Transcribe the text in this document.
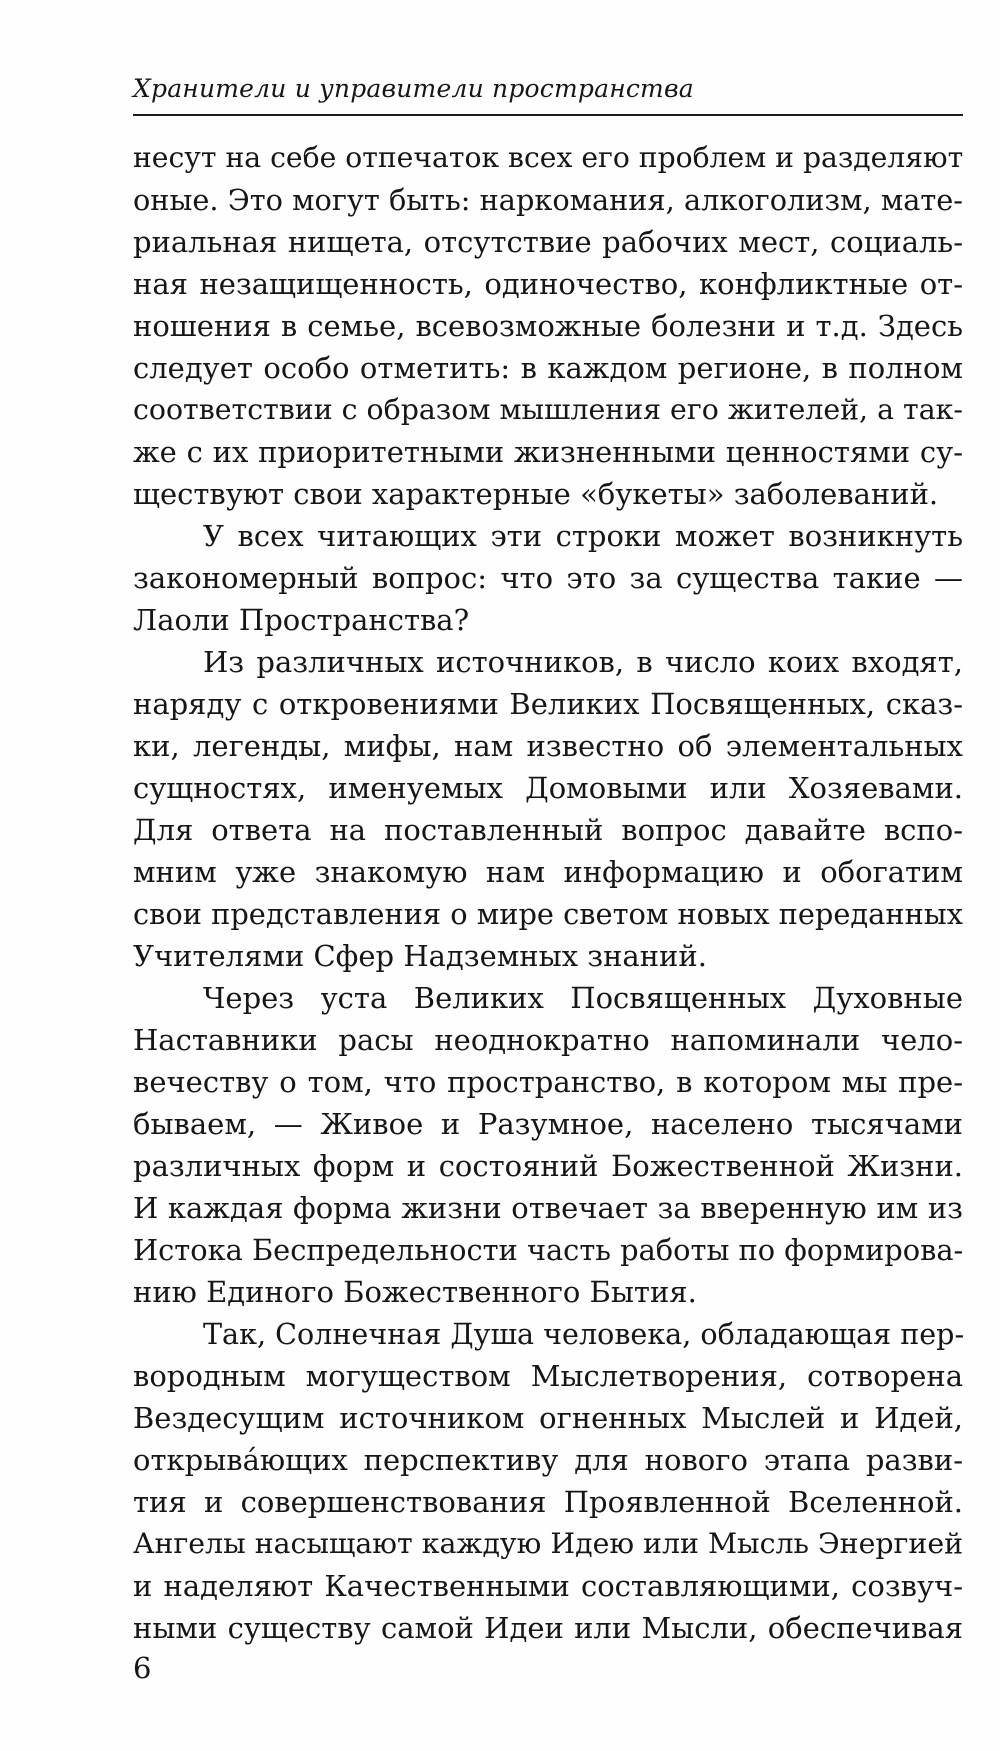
Хранители и управители пространства

несут на себе отпечаток всех его проблем и разделяют
оные. Это могут быть: наркомания, алкоголизм, мате-
риальная нищета, отсутствие рабочих мест, социаль-
ная незащищенность, одиночество, конфликтные от-
ношения в семье, всевозможные болезни и т.д. Здесь
следует особо отметить: в каждом регионе, в полном
соответствии с образом мышления его жителей, а так-
же с их приоритетными жизненными ценностями су-
ществуют свои характерные «букеты» заболеваний.

У всех читающих эти строки может возникнуть
закономерный вопрос: что это за существа такие —
Лаоли Пространства?

Из различных источников, в число коих входят,
наряду с откровениями Великих Посвященных, сказ-
ки, легенды, мифы, нам известно об элементальных
сущностях, именуемых Домовыми или Хозяевами.
Для ответа на поставленный вопрос давайте вспо-
мним уже знакомую нам информацию и обогатим
свои представления о мире светом новых переданных
Учителями Сфер Надземных знаний.

Через уста Великих Посвященных Духовные
Наставники расы неоднократно напоминали чело-
вечеству о том, что пространство, в котором мы пре-
бываем, — Живое и Разумное, населено тысячами
различных форм и состояний Божественной Жизни.
И каждая форма жизни отвечает за вверенную им из
Истока Беспредельности часть работы по формирова-
нию Единого Божественного Бытия.

Так, Солнечная Душа человека, обладающая пер-
вородным могуществом Мыслетворения, сотворена
Вездесущим источником огненных Мыслей и Идей,
открыва́ющих перспективу для нового этапа разви-
тия и совершенствования Проявленной Вселенной.
Ангелы насыщают каждую Идею или Мысль Энергией
и наделяют Качественными составляющими, созвуч-
ными существу самой Идеи или Мысли, обеспечивая

6
